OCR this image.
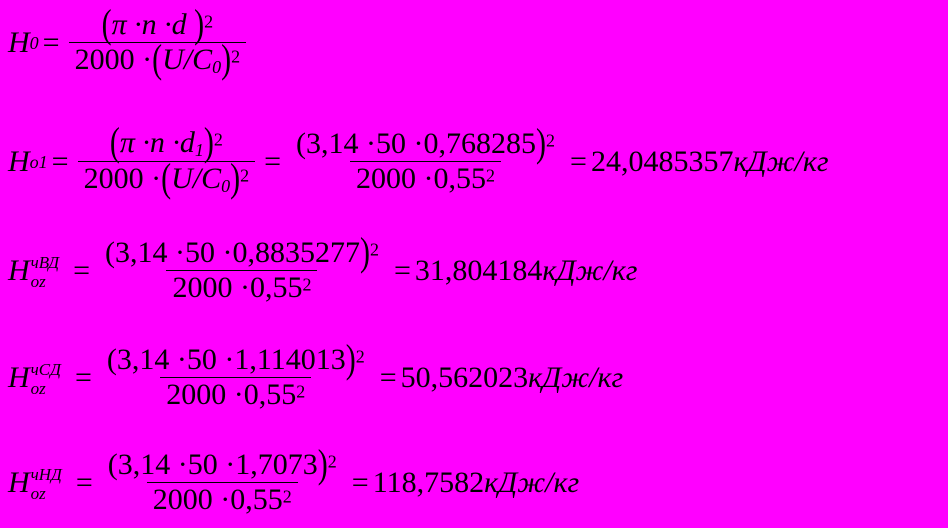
H $0 = \frac{(\pi \cdot n \cdot d )2}{2000 \cdot(U/C0)2}$
H $o1 = \frac{(\pi \cdot n \cdot d1)2}{2000 \cdot(U/C0)2} = \frac{(3,14 \cdot 50 \cdot 0,768285)2}{2000 \cdot 0,552} = 24,0485357$ кДж/кг
H чВД
oz = $\frac{(3,14 \cdot 50 \cdot 0,8835277)2}{2000 \cdot 0,552} = 31,804184$ кДж/кг
H чСД
oz = $\frac{(3,14 \cdot 50 \cdot 1,114013)2}{2000 \cdot 0,552} = 50,562023$ кДж/кг
H чНД
oz	= $\frac{(3,14 \cdot 50 \cdot 1,7073)2}{2000 \cdot 0,552} = 118,7582$ кДж/кг
